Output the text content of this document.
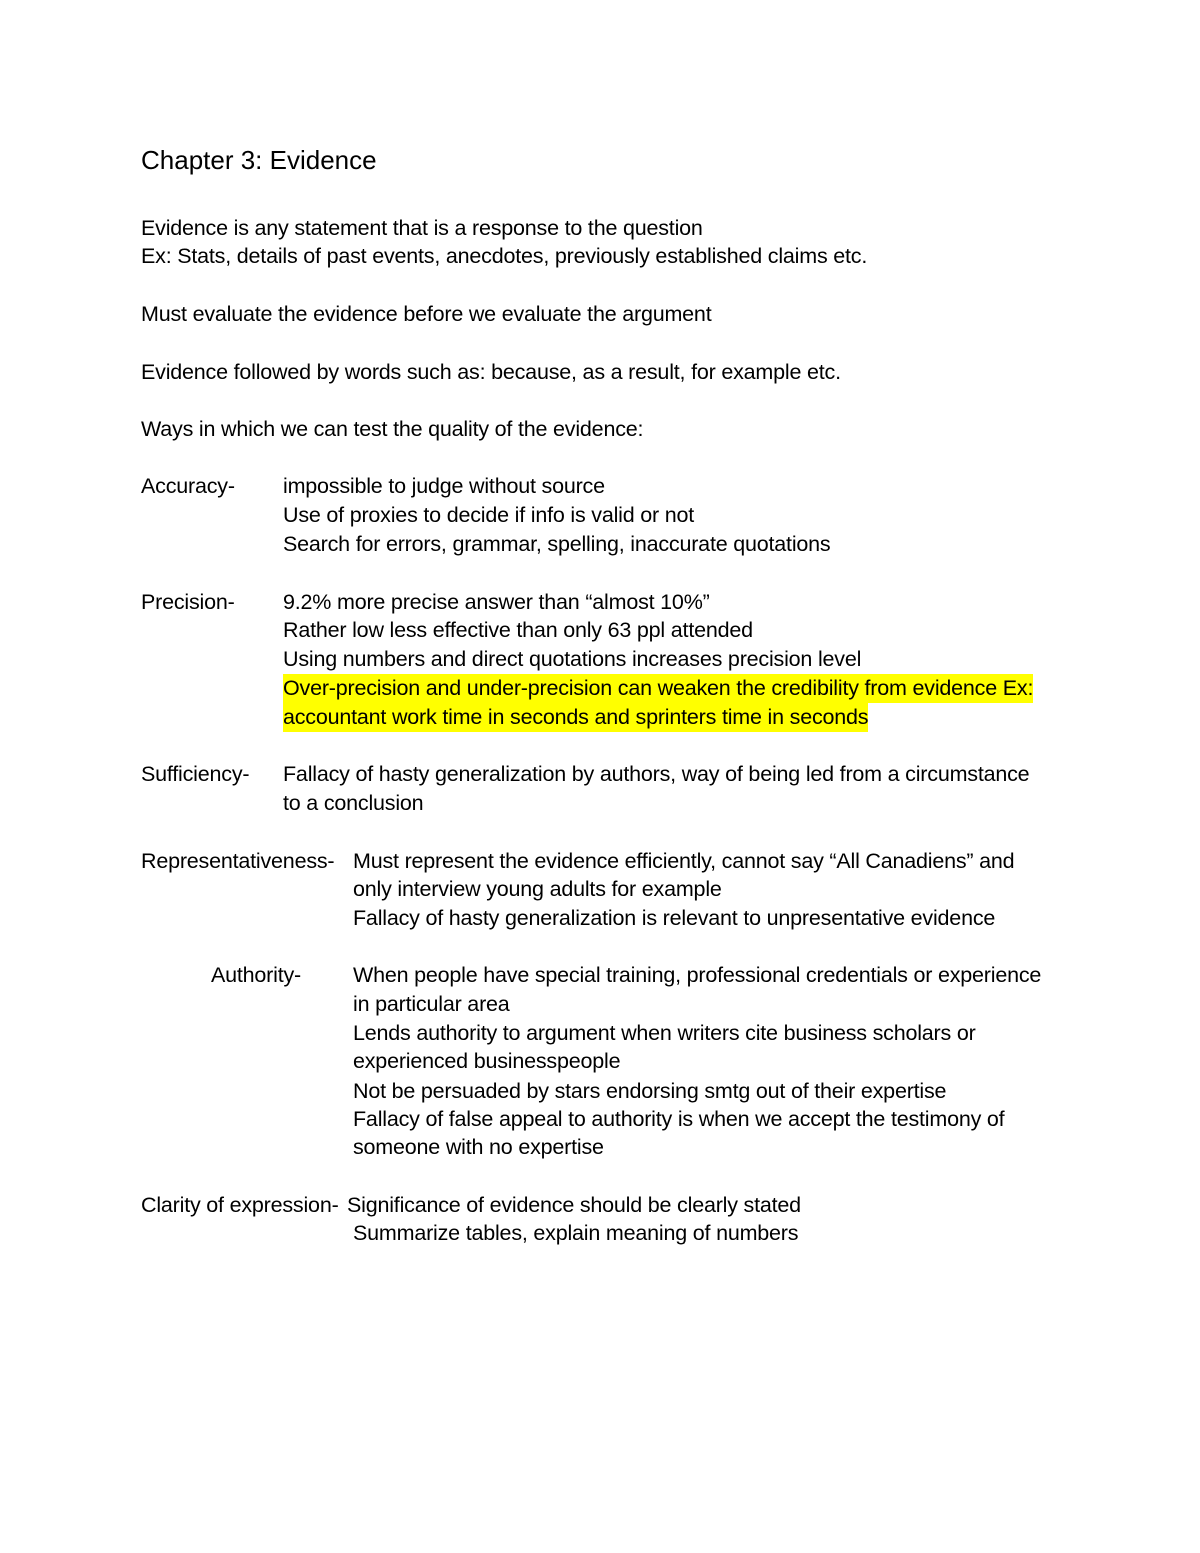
Chapter 3: Evidence
Evidence is any statement that is a response to the question
Ex: Stats, details of past events, anecdotes, previously established claims etc.
Must evaluate the evidence before we evaluate the argument
Evidence followed by words such as: because, as a result, for example etc.
Ways in which we can test the quality of the evidence:
Accuracy- impossible to judge without source
Use of proxies to decide if info is valid or not
Search for errors, grammar, spelling, inaccurate quotations
Precision- 9.2% more precise answer than “almost 10%”
Rather low less effective than only 63 ppl attended
Using numbers and direct quotations increases precision level
Over-precision and under-precision can weaken the credibility from evidence Ex:
accountant work time in seconds and sprinters time in seconds
Sufficiency- Fallacy of hasty generalization by authors, way of being led from a circumstance
to a conclusion
Representativeness- Must represent the evidence efficiently, cannot say “All Canadiens” and
only interview young adults for example
Fallacy of hasty generalization is relevant to unpresentative evidence
Authority- When people have special training, professional credentials or experience
in particular area
Lends authority to argument when writers cite business scholars or
experienced businesspeople
Not be persuaded by stars endorsing smtg out of their expertise
Fallacy of false appeal to authority is when we accept the testimony of
someone with no expertise
Clarity of expression- Significance of evidence should be clearly stated
Summarize tables, explain meaning of numbers
